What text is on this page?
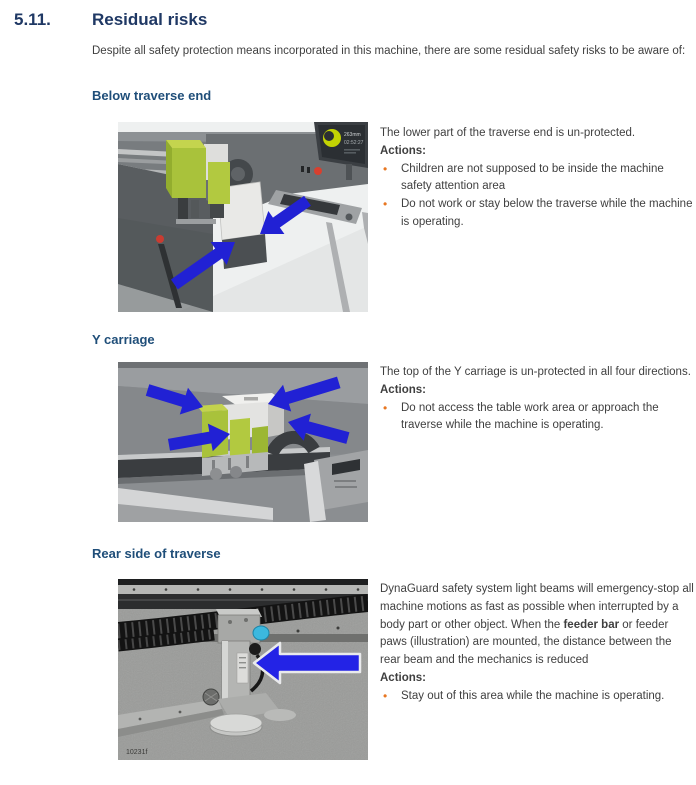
5.11. Residual risks
Despite all safety protection means incorporated in this machine, there are some residual safety risks to be aware of:
Below traverse end
263mm
02:52:27

The lower part of the traverse end is un-protected.

Actions:

• Children are not supposed to be inside the machine safety attention area
• Do not work or stay below the traverse while the machine is operating.
Y carriage

The top of the Y carriage is un-protected in all four directions.

Actions:

• Do not access the table work area or approach the traverse while the machine is operating.
Rear side of traverse
10231f

DynaGuard safety system light beams will emergency-stop all machine motions as fast as possible when interrupted by a body part or other object. When the feeder bar or feeder paws (illustration) are mounted, the distance between the rear beam and the mechanics is reduced

Actions:

• Stay out of this area while the machine is operating.
